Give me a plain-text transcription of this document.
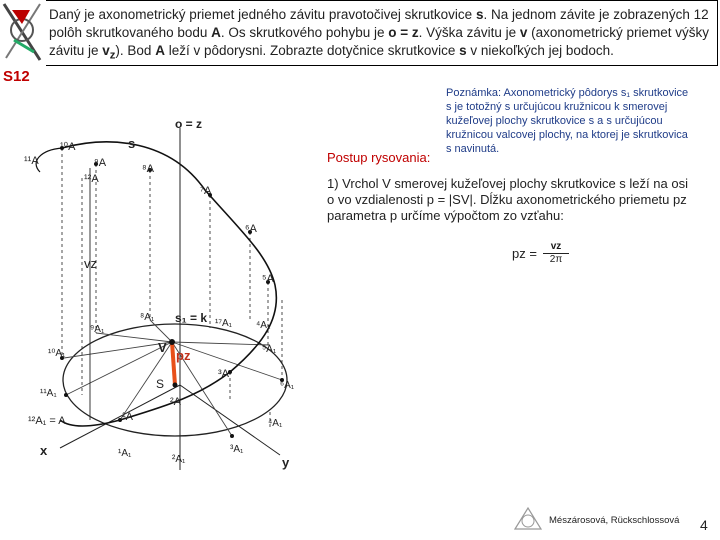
S12
Daný je axonometrický priemet jedného závitu pravotočivej skrutkovice s. Na jednom závite je zobrazených 12 polôh skrutkovaného bodu A. Os skrutkového pohybu je o = z. Výška závitu je v (axonometrický priemet výšky závitu je $v_z$). Bod A leží v pôdorysni. Zobrazte dotyčnice skrutkovice s v niekoľkých jej bodoch.
Poznámka: Axonometrický pôdorys s₁ skrutkovice s je totožný s určujúcou kružnicou k smerovej kužeľovej plochy skrutkovice s a s určujúcou kružnicou valcovej plochy, na ktorej je skrutkovica s navinutá.
Postup rysovania:
1) Vrchol V smerovej kužeľovej plochy skrutkovice s leží na osi o vo vzdialenosti p = |SV|. Dĺžku axonometrického priemetu pz parametra p určíme výpočtom zo vzťahu:
pz =	vz
2π
o = z
s
vz
s₁ = k
V
pz
S
x
y
¹²A₁ = A
¹⁰A
¹¹A	⁹A
¹²A
⁸A
⁷A
⁶A
⁵A
³A
²A
¹A
⁸A₁
⁹A₁
¹⁷A₁ ⁴A₁
¹⁰A₁	⁵A₁
⁶A₁
¹¹A₁
⁴A₁
²A₁
³A₁
¹A₁
Mészárosová, Rückschlossová 4
